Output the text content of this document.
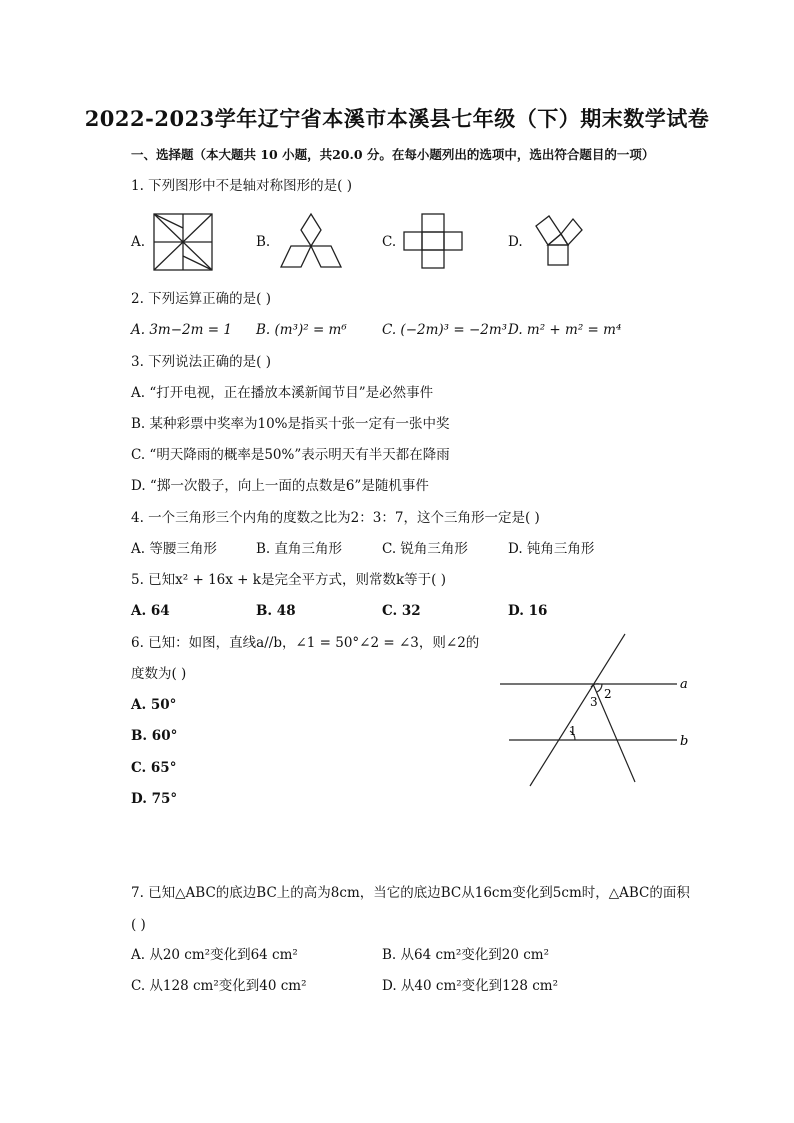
2022-2023学年辽宁省本溪市本溪县七年级（下）期末数学试卷
一、选择题（本大题共 10 小题，共20.0 分。在每小题列出的选项中，选出符合题目的一项）
1. 下列图形中不是轴对称图形的是( )
A.	B.	C.	D.
2. 下列运算正确的是( )
A. 3m−2m = 1 B. (m³)² = m⁶	C. (−2m)³ = −2m³ D. m² + m² = m⁴
3. 下列说法正确的是( )
A. “打开电视，正在播放本溪新闻节目”是必然事件
B. 某种彩票中奖率为10%是指买十张一定有一张中奖
C. “明天降雨的概率是50%”表示明天有半天都在降雨
D. “掷一次骰子，向上一面的点数是6”是随机事件
4. 一个三角形三个内角的度数之比为2：3：7，这个三角形一定是( )
A. 等腰三角形	B. 直角三角形	C. 锐角三角形	D. 钝角三角形
5. 已知x² + 16x + k是完全平方式，则常数k等于( )
A. 64	B. 48	C. 32	D. 16
6. 已知：如图，直线a//b，∠1 = 50°∠2 = ∠3，则∠2的
度数为( )
A. 50°
B. 60°
C. 65°
D. 75°
a
b
2
3
1
7. 已知△ABC的底边BC上的高为8cm，当它的底边BC从16cm变化到5cm时，△ABC的面积
( )
A. 从20 cm²变化到64 cm²	B. 从64 cm²变化到20 cm²
C. 从128 cm²变化到40 cm²	D. 从40 cm²变化到128 cm²
